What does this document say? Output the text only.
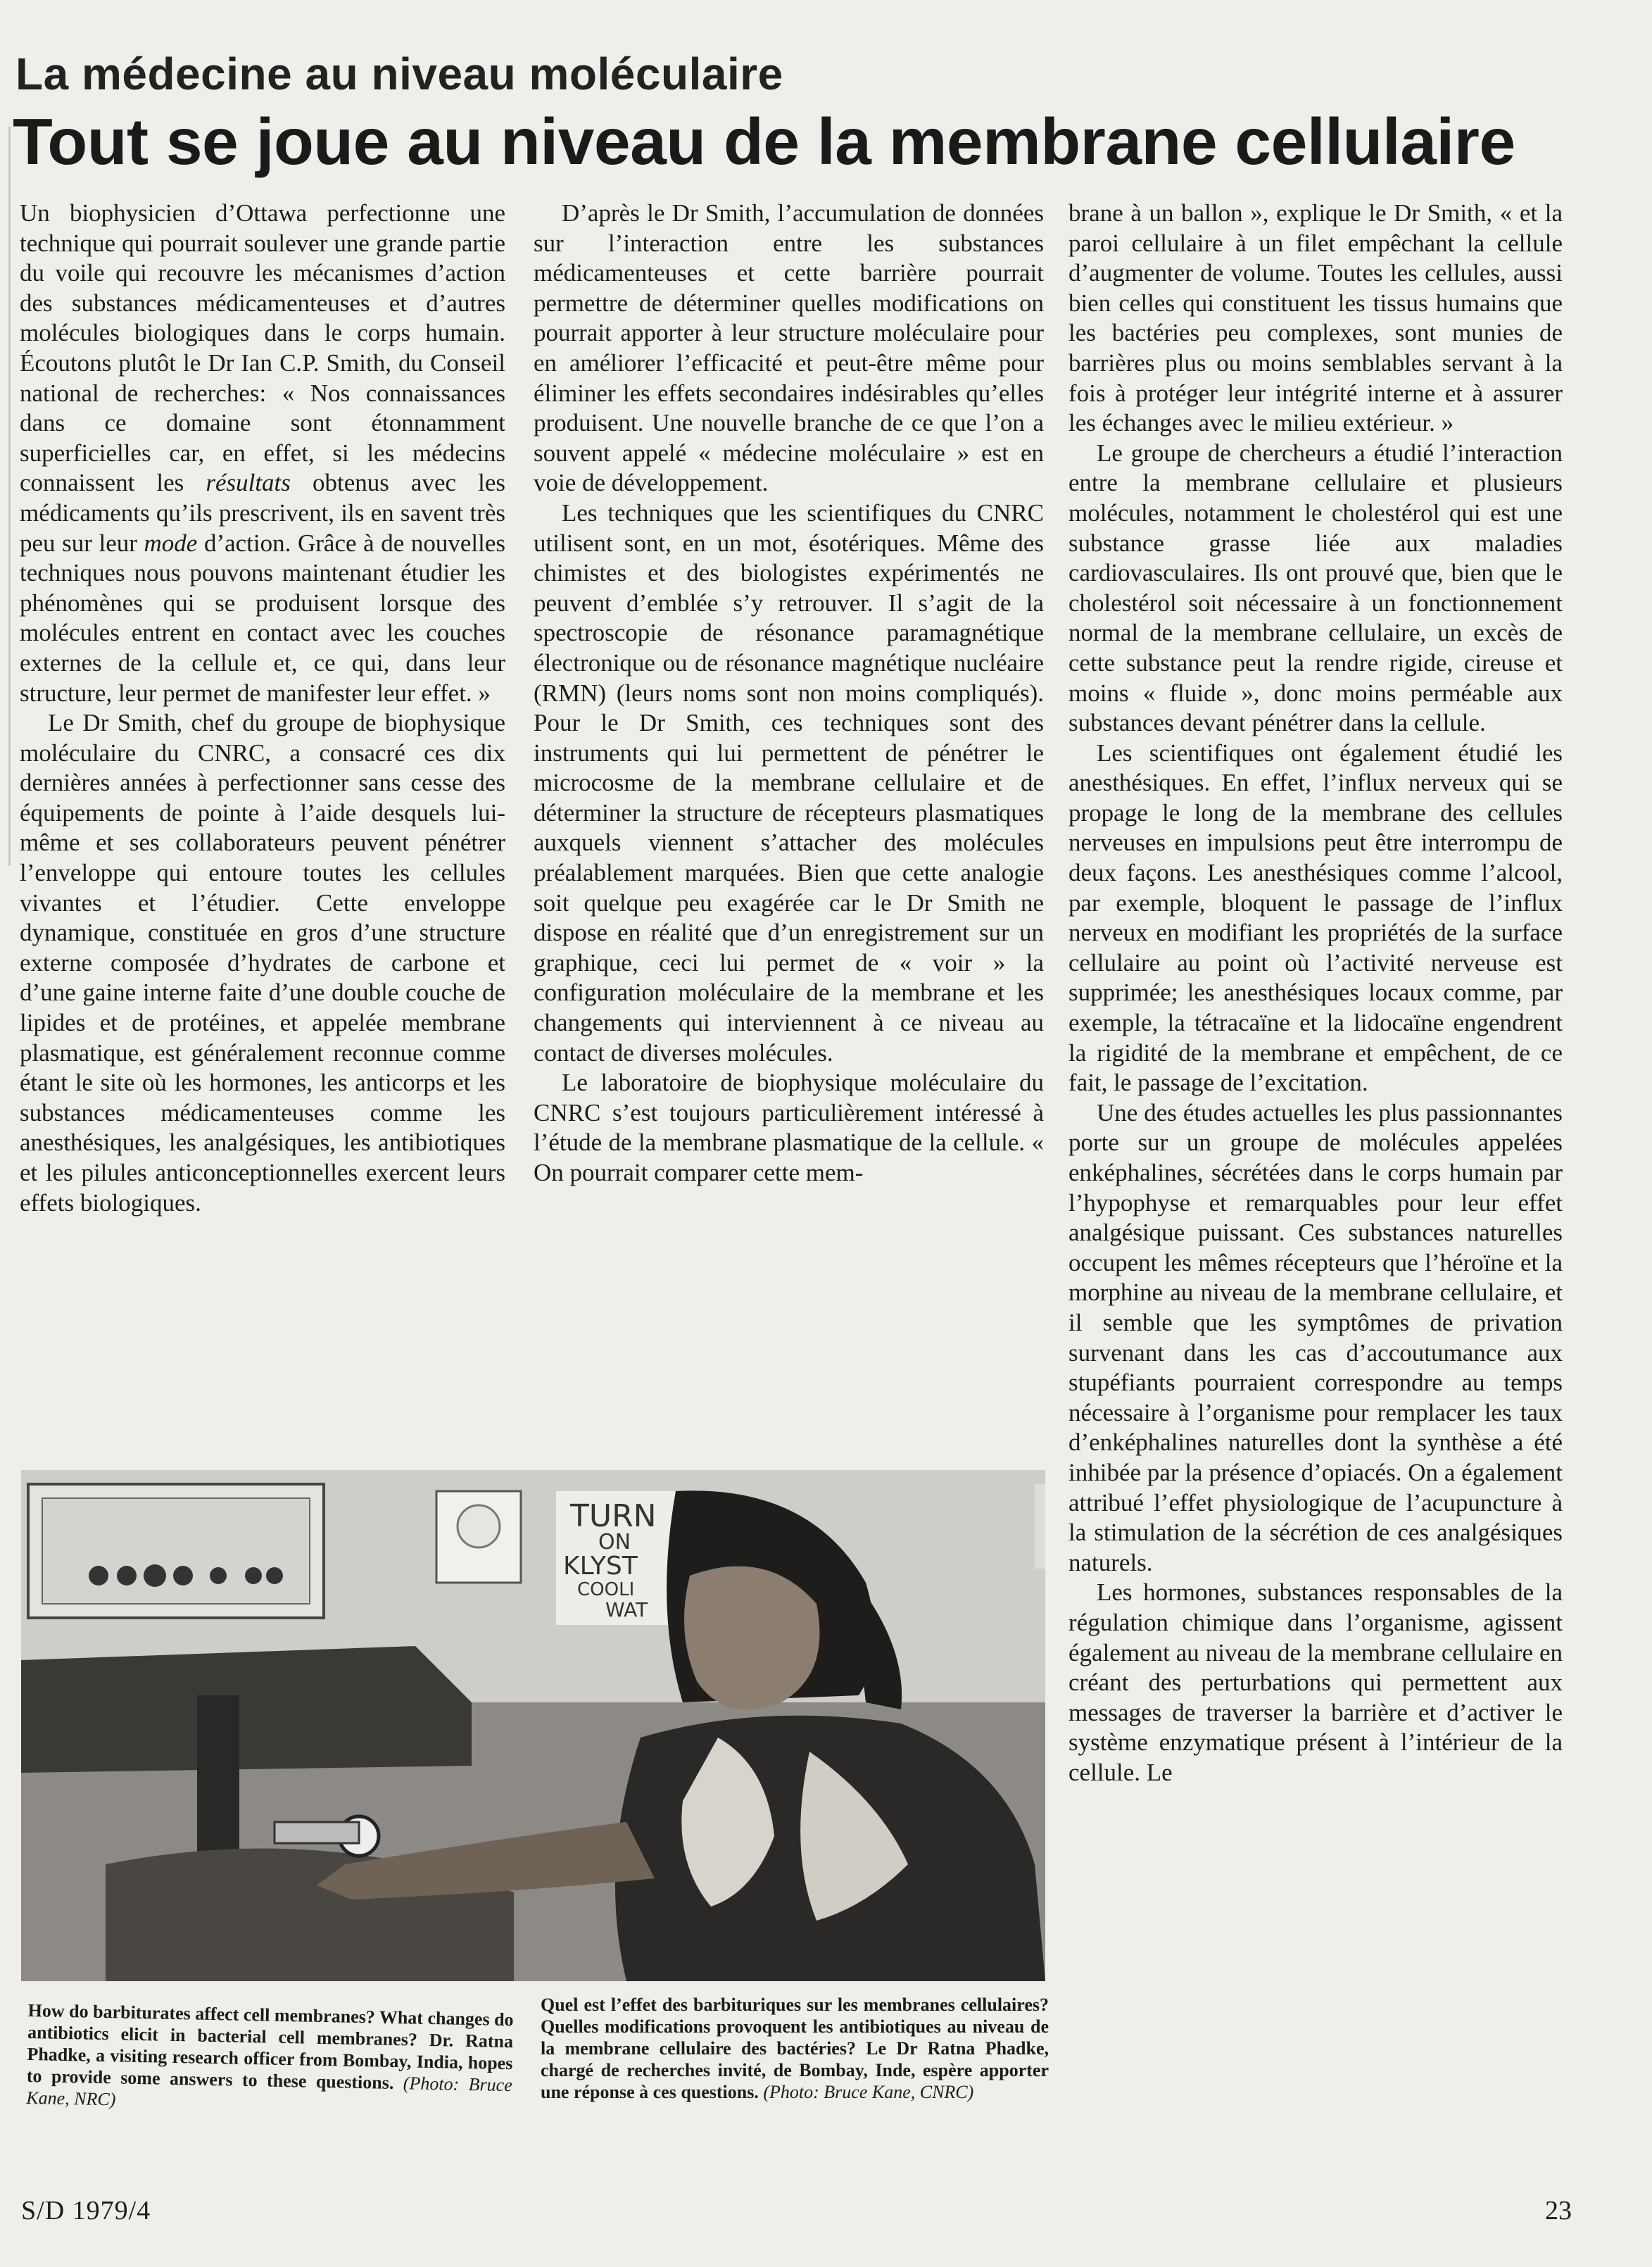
La médecine au niveau moléculaire
Tout se joue au niveau de la membrane cellulaire

Un biophysicien d’Ottawa perfectionne une technique qui pourrait soulever une grande partie du voile qui recouvre les mécanismes d’action des substances médicamenteuses et d’autres molécules biologiques dans le corps humain. Écoutons plutôt le Dr Ian C.P. Smith, du Conseil national de recherches: « Nos connaissances dans ce domaine sont étonnamment superficielles car, en effet, si les médecins connaissent les résultats obtenus avec les médicaments qu’ils prescrivent, ils en savent très peu sur leur mode d’action. Grâce à de nouvelles techniques nous pouvons maintenant étudier les phénomènes qui se produisent lorsque des molécules entrent en contact avec les couches externes de la cellule et, ce qui, dans leur structure, leur permet de manifester leur effet. »

Le Dr Smith, chef du groupe de biophysique moléculaire du CNRC, a consacré ces dix dernières années à perfectionner sans cesse des équipements de pointe à l’aide desquels lui-même et ses collaborateurs peuvent pénétrer l’enveloppe qui entoure toutes les cellules vivantes et l’étudier. Cette enveloppe dynamique, constituée en gros d’une structure externe composée d’hydrates de carbone et d’une gaine interne faite d’une double couche de lipides et de protéines, et appelée membrane plasmatique, est généralement reconnue comme étant le site où les hormones, les anticorps et les substances médicamenteuses comme les anesthésiques, les analgésiques, les antibiotiques et les pilules anticonceptionnelles exercent leurs effets biologiques.

D’après le Dr Smith, l’accumulation de données sur l’interaction entre les substances médicamenteuses et cette barrière pourrait permettre de déterminer quelles modifications on pourrait apporter à leur structure moléculaire pour en améliorer l’efficacité et peut-être même pour éliminer les effets secondaires indésirables qu’elles produisent. Une nouvelle branche de ce que l’on a souvent appelé « médecine moléculaire » est en voie de développement.

Les techniques que les scientifiques du CNRC utilisent sont, en un mot, ésotériques. Même des chimistes et des biologistes expérimentés ne peuvent d’emblée s’y retrouver. Il s’agit de la spectroscopie de résonance paramagnétique électronique ou de résonance magnétique nucléaire (RMN) (leurs noms sont non moins compliqués). Pour le Dr Smith, ces techniques sont des instruments qui lui permettent de pénétrer le microcosme de la membrane cellulaire et de déterminer la structure de récepteurs plasmatiques auxquels viennent s’attacher des molécules préalablement marquées. Bien que cette analogie soit quelque peu exagérée car le Dr Smith ne dispose en réalité que d’un enregistrement sur un graphique, ceci lui permet de « voir » la configuration moléculaire de la membrane et les changements qui interviennent à ce niveau au contact de diverses molécules.

Le laboratoire de biophysique moléculaire du CNRC s’est toujours particulièrement intéressé à l’étude de la membrane plasmatique de la cellule. « On pourrait comparer cette mem-

brane à un ballon », explique le Dr Smith, « et la paroi cellulaire à un filet empêchant la cellule d’augmenter de volume. Toutes les cellules, aussi bien celles qui constituent les tissus humains que les bactéries peu complexes, sont munies de barrières plus ou moins semblables servant à la fois à protéger leur intégrité interne et à assurer les échanges avec le milieu extérieur. »

Le groupe de chercheurs a étudié l’interaction entre la membrane cellulaire et plusieurs molécules, notamment le cholestérol qui est une substance grasse liée aux maladies cardiovasculaires. Ils ont prouvé que, bien que le cholestérol soit nécessaire à un fonctionnement normal de la membrane cellulaire, un excès de cette substance peut la rendre rigide, cireuse et moins « fluide », donc moins perméable aux substances devant pénétrer dans la cellule.

Les scientifiques ont également étudié les anesthésiques. En effet, l’influx nerveux qui se propage le long de la membrane des cellules nerveuses en impulsions peut être interrompu de deux façons. Les anesthésiques comme l’alcool, par exemple, bloquent le passage de l’influx nerveux en modifiant les propriétés de la surface cellulaire au point où l’activité nerveuse est supprimée; les anesthésiques locaux comme, par exemple, la tétracaïne et la lidocaïne engendrent la rigidité de la membrane et empêchent, de ce fait, le passage de l’excitation.

Une des études actuelles les plus passionnantes porte sur un groupe de molécules appelées enképhalines, sécrétées dans le corps humain par l’hypophyse et remarquables pour leur effet analgésique puissant. Ces substances naturelles occupent les mêmes récepteurs que l’héroïne et la morphine au niveau de la membrane cellulaire, et il semble que les symptômes de privation survenant dans les cas d’accoutumance aux stupéfiants pourraient correspondre au temps nécessaire à l’organisme pour remplacer les taux d’enképhalines naturelles dont la synthèse a été inhibée par la présence d’opiacés. On a également attribué l’effet physiologique de l’acupuncture à la stimulation de la sécrétion de ces analgésiques naturels.

Les hormones, substances responsables de la régulation chimique dans l’organisme, agissent également au niveau de la membrane cellulaire en créant des perturbations qui permettent aux messages de traverser la barrière et d’activer le système enzymatique présent à l’intérieur de la cellule. Le

TURN
ON
KLYST
COOLI
WAT
How do barbiturates affect cell membranes? What changes do antibiotics elicit in bacterial cell membranes? Dr. Ratna Phadke, a visiting research officer from Bombay, India, hopes to provide some answers to these questions. (Photo: Bruce Kane, NRC)
Quel est l’effet des barbituriques sur les membranes cellulaires? Quelles modifications provoquent les antibiotiques au niveau de la membrane cellulaire des bactéries? Le Dr Ratna Phadke, chargé de recherches invité, de Bombay, Inde, espère apporter une réponse à ces questions. (Photo: Bruce Kane, CNRC)
S/D 1979/4	23
